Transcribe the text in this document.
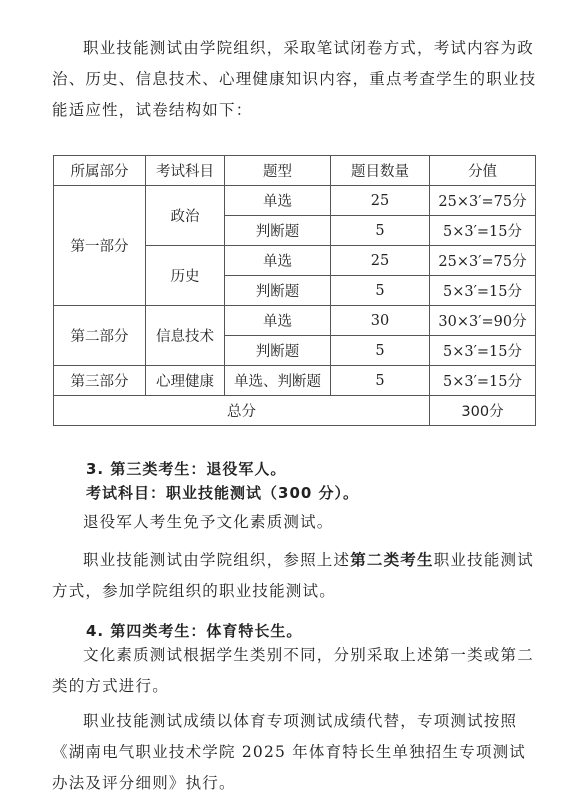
职业技能测试由学院组织，采取笔试闭卷方式，考试内容为政治、历史、信息技术、心理健康知识内容，重点考查学生的职业技能适应性，试卷结构如下：
所属部分	考试科目	题型	题目数量	分值
第一部分	政治	单选	25	25×3′=75分
		判断题	5	5×3′=15分
	历史	单选	25	25×3′=75分
		判断题	5	5×3′=15分
第二部分	信息技术	单选	30	30×3′=90分
		判断题	5	5×3′=15分
第三部分	心理健康	单选、判断题	5	5×3′=15分
总分				300分
3. 第三类考生：退役军人。
考试科目：职业技能测试（300 分）。
退役军人考生免予文化素质测试。
职业技能测试由学院组织，参照上述第二类考生职业技能测试方式，参加学院组织的职业技能测试。
4. 第四类考生：体育特长生。
文化素质测试根据学生类别不同，分别采取上述第一类或第二类的方式进行。
职业技能测试成绩以体育专项测试成绩代替，专项测试按照《湖南电气职业技术学院 2025 年体育特长生单独招生专项测试办法及评分细则》执行。
